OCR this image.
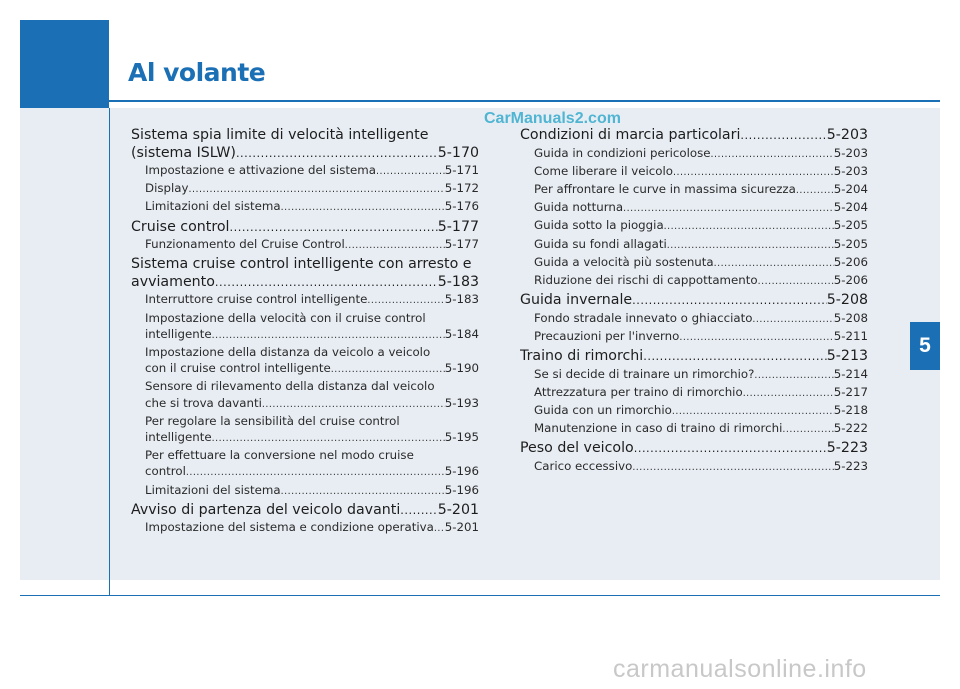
Al volante
5
CarManuals2.com
Sistema spia limite di velocità intelligente
(sistema ISLW) .....	5-170
Impostazione e attivazione del sistema .....	5-171
Display .....	5-172
Limitazioni del sistema .....	5-176
Cruise control .....	5-177
Funzionamento del Cruise Control .....	5-177
Sistema cruise control intelligente con arresto e
avviamento .....	5-183
Interruttore cruise control intelligente .....	5-183
Impostazione della velocità con il cruise control
intelligente .....	5-184
Impostazione della distanza da veicolo a veicolo
con il cruise control intelligente .....	5-190
Sensore di rilevamento della distanza dal veicolo
che si trova davanti .....	5-193
Per regolare la sensibilità del cruise control
intelligente .....	5-195
Per effettuare la conversione nel modo cruise
control .....	5-196
Limitazioni del sistema .....	5-196
Avviso di partenza del veicolo davanti .....	5-201
Impostazione del sistema e condizione operativa ..... 5-201
Condizioni di marcia particolari .....	5-203
Guida in condizioni pericolose .....	5-203
Come liberare il veicolo .....	5-203
Per affrontare le curve in massima sicurezza .....	5-204
Guida notturna .....	5-204
Guida sotto la pioggia .....	5-205
Guida su fondi allagati .....	5-205
Guida a velocità più sostenuta .....	5-206
Riduzione dei rischi di cappottamento .....	5-206
Guida invernale .....	5-208
Fondo stradale innevato o ghiacciato .....	5-208
Precauzioni per l'inverno .....	5-211
Traino di rimorchi .....	5-213
Se si decide di trainare un rimorchio? .....	5-214
Attrezzatura per traino di rimorchio .....	5-217
Guida con un rimorchio .....	5-218
Manutenzione in caso di traino di rimorchi .....	5-222
Peso del veicolo .....	5-223
Carico eccessivo .....	5-223
carmanualsonline.info
